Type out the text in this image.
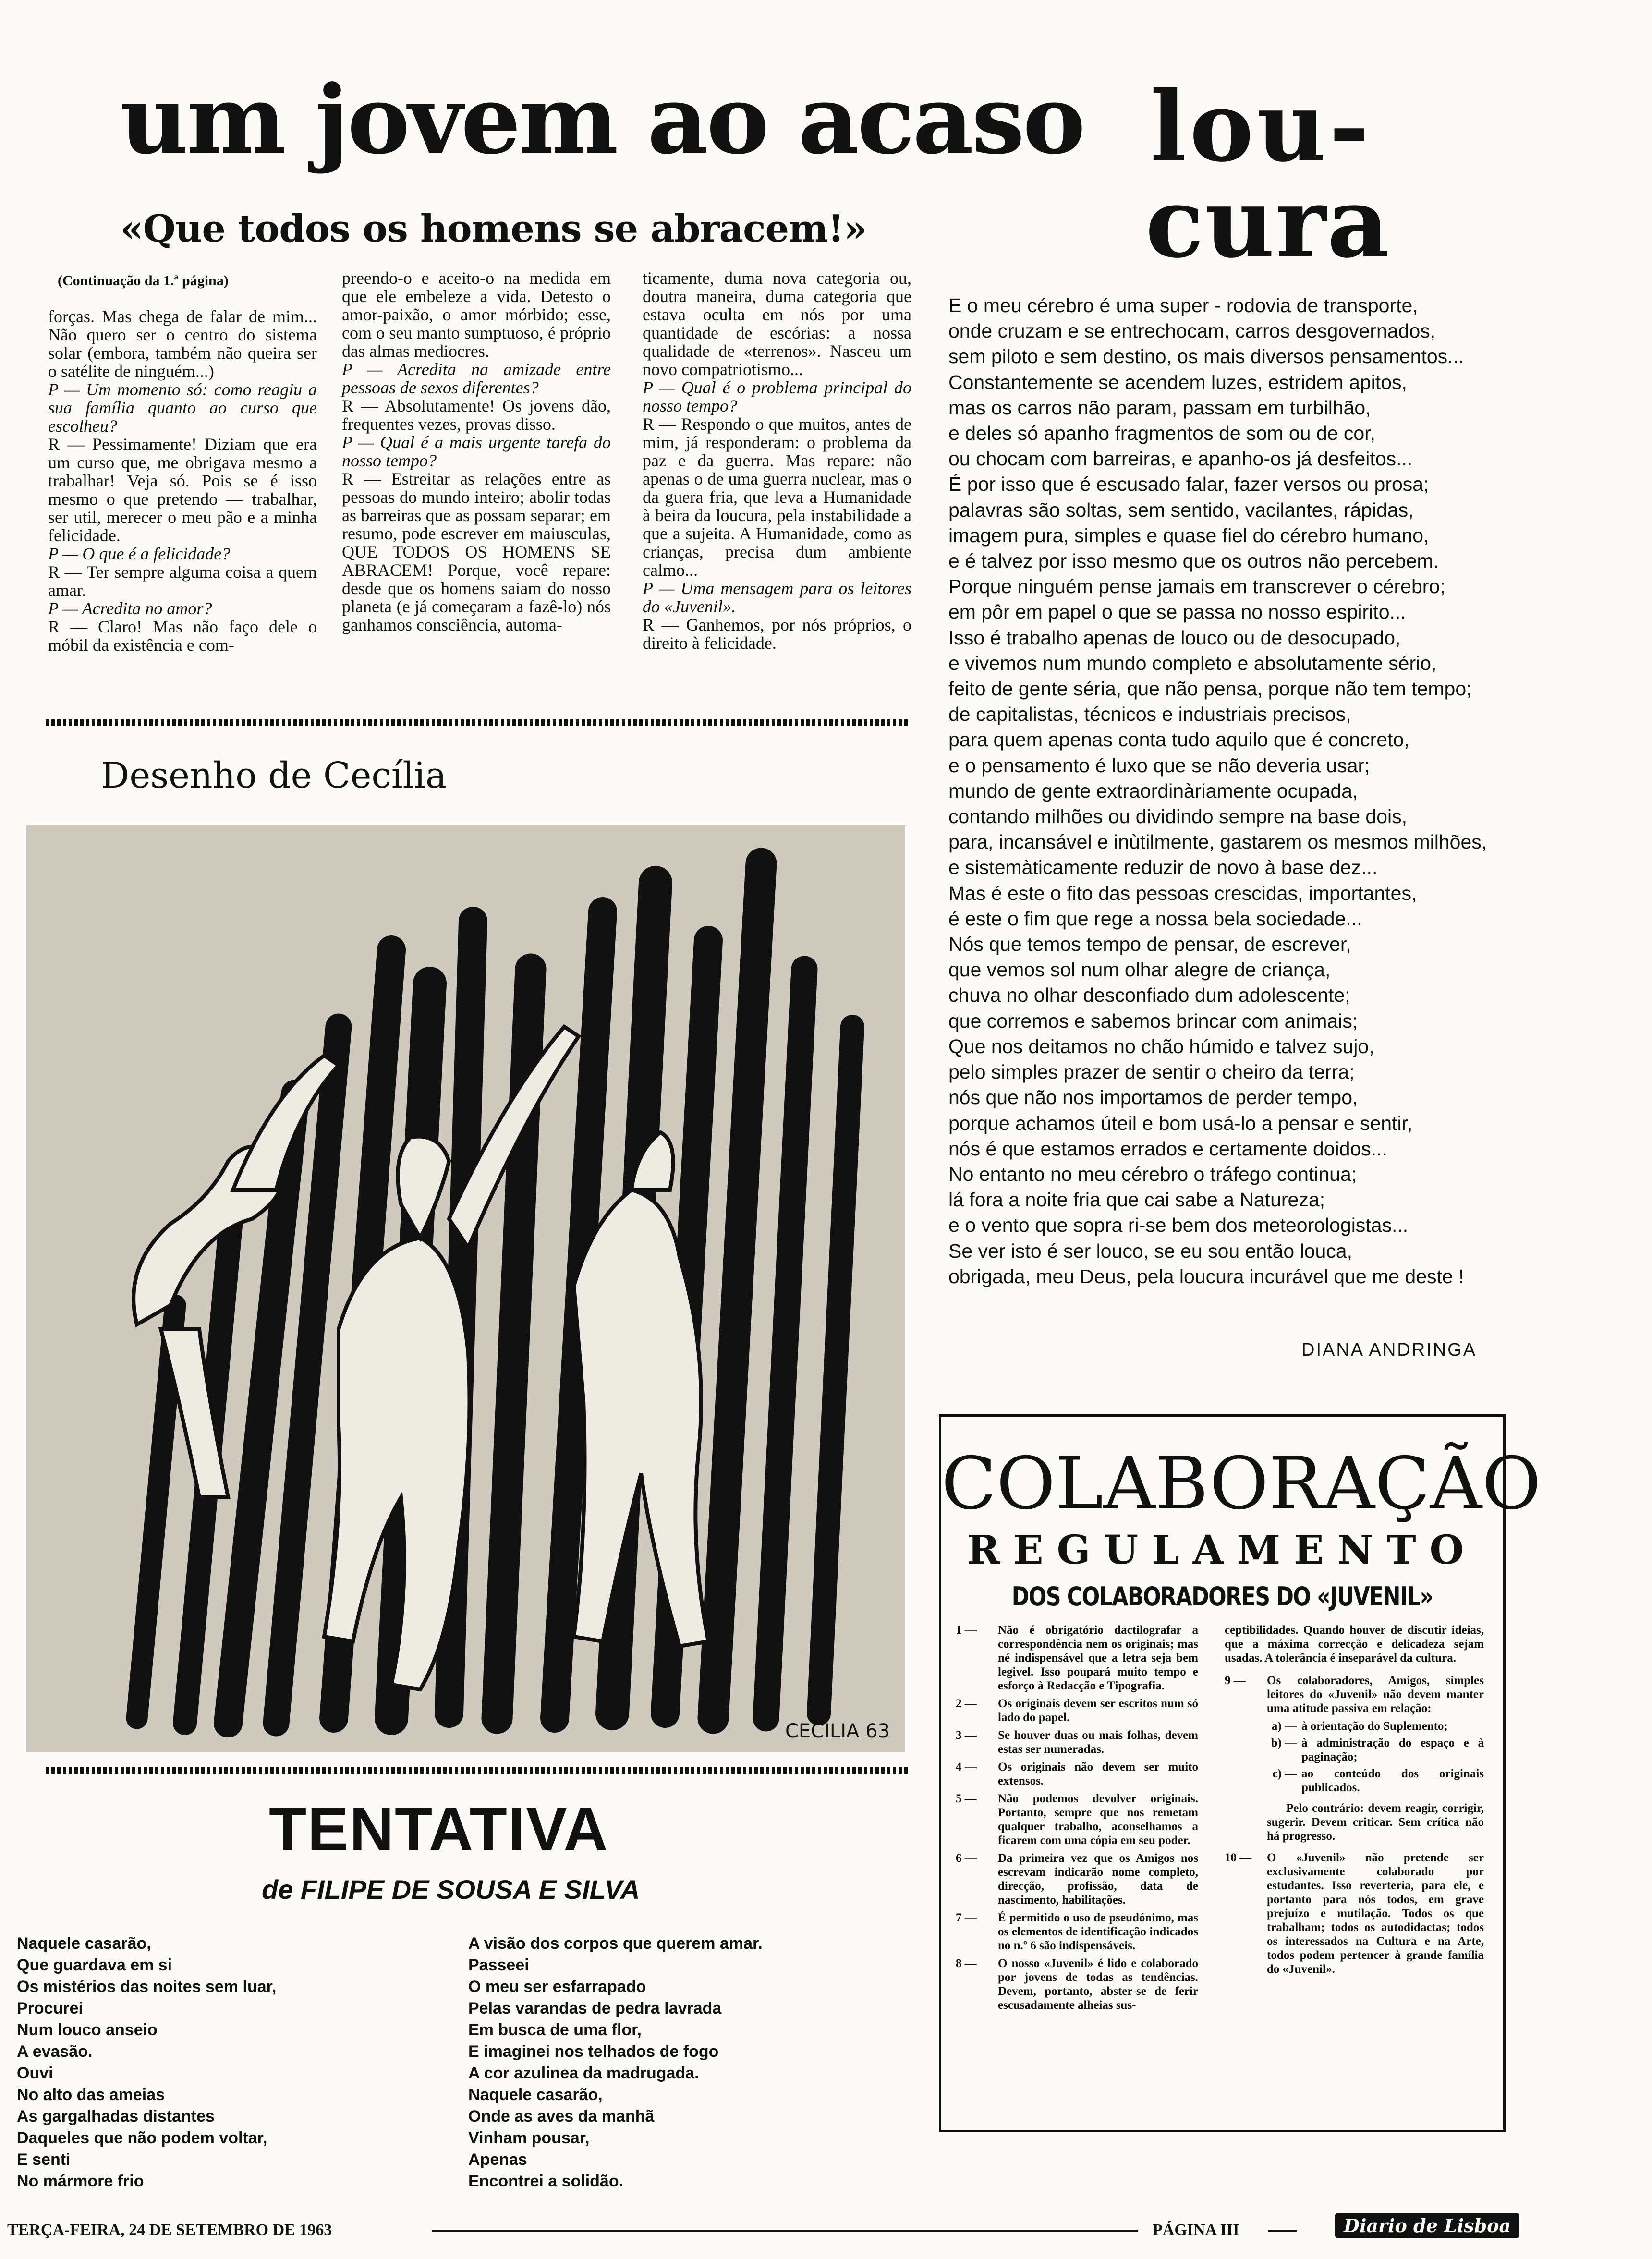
um jovem ao acaso
«Que todos os homens se abracem!»
(Continuação da 1.ª página)

forças. Mas chega de falar de mim... Não quero ser o centro do sistema solar (embora, também não queira ser o satélite de ninguém...)

P — Um momento só: como reagiu a sua família quanto ao curso que escolheu?

R — Pessimamente! Diziam que era um curso que, me obrigava mesmo a trabalhar! Veja só. Pois se é isso mesmo o que pretendo — trabalhar, ser util, merecer o meu pão e a minha felicidade.

P — O que é a felicidade?

R — Ter sempre alguma coisa a quem amar.

P — Acredita no amor?

R — Claro! Mas não faço dele o móbil da existência e com-

preendo-o e aceito-o na medida em que ele embeleze a vida. Detesto o amor-paixão, o amor mórbido; esse, com o seu manto sumptuoso, é próprio das almas mediocres.

P — Acredita na amizade entre pessoas de sexos diferentes?

R — Absolutamente! Os jovens dão, frequentes vezes, provas disso.

P — Qual é a mais urgente tarefa do nosso tempo?

R — Estreitar as relações entre as pessoas do mundo inteiro; abolir todas as barreiras que as possam separar; em resumo, pode escrever em maiusculas, QUE TODOS OS HOMENS SE ABRACEM! Porque, você repare: desde que os homens saiam do nosso planeta (e já começaram a fazê-lo) nós ganhamos consciência, automa-

ticamente, duma nova categoria ou, doutra maneira, duma categoria que estava oculta em nós por uma quantidade de escórias: a nossa qualidade de «terrenos». Nasceu um novo compatriotismo...

P — Qual é o problema principal do nosso tempo?

R — Respondo o que muitos, antes de mim, já responderam: o problema da paz e da guerra. Mas repare: não apenas o de uma guerra nuclear, mas o da guera fria, que leva a Humanidade à beira da loucura, pela instabilidade a que a sujeita. A Humanidade, como as crianças, precisa dum ambiente calmo...

P — Uma mensagem para os leitores do «Juvenil».

R — Ganhemos, por nós próprios, o direito à felicidade.

Desenho de Cecília
CECÍLIA 63
TENTATIVA
de FILIPE DE SOUSA E SILVA
Naquele casarão,
Que guardava em si
Os mistérios das noites sem luar,
Procurei
Num louco anseio
A evasão.
Ouvi
No alto das ameias
As gargalhadas distantes
Daqueles que não podem voltar,
E senti
No mármore frio
A visão dos corpos que querem amar.
Passeei
O meu ser esfarrapado
Pelas varandas de pedra lavrada
Em busca de uma flor,
E imaginei nos telhados de fogo
A cor azulinea da madrugada.
Naquele casarão,
Onde as aves da manhã
Vinham pousar,
Apenas
Encontrei a solidão.
lou-
cura
E o meu cérebro é uma super - rodovia de transporte,
onde cruzam e se entrechocam, carros desgovernados,
sem piloto e sem destino, os mais diversos pensamentos...
Constantemente se acendem luzes, estridem apitos,
mas os carros não param, passam em turbilhão,
e deles só apanho fragmentos de som ou de cor,
ou chocam com barreiras, e apanho-os já desfeitos...
É por isso que é escusado falar, fazer versos ou prosa;
palavras são soltas, sem sentido, vacilantes, rápidas,
imagem pura, simples e quase fiel do cérebro humano,
e é talvez por isso mesmo que os outros não percebem.
Porque ninguém pense jamais em transcrever o cérebro;
em pôr em papel o que se passa no nosso espirito...
Isso é trabalho apenas de louco ou de desocupado,
e vivemos num mundo completo e absolutamente sério,
feito de gente séria, que não pensa, porque não tem tempo;
de capitalistas, técnicos e industriais precisos,
para quem apenas conta tudo aquilo que é concreto,
e o pensamento é luxo que se não deveria usar;
mundo de gente extraordinàriamente ocupada,
contando milhões ou dividindo sempre na base dois,
para, incansável e inùtilmente, gastarem os mesmos milhões,
e sistemàticamente reduzir de novo à base dez...
Mas é este o fito das pessoas crescidas, importantes,
é este o fim que rege a nossa bela sociedade...
Nós que temos tempo de pensar, de escrever,
que vemos sol num olhar alegre de criança,
chuva no olhar desconfiado dum adolescente;
que corremos e sabemos brincar com animais;
Que nos deitamos no chão húmido e talvez sujo,
pelo simples prazer de sentir o cheiro da terra;
nós que não nos importamos de perder tempo,
porque achamos úteil e bom usá-lo a pensar e sentir,
nós é que estamos errados e certamente doidos...
No entanto no meu cérebro o tráfego continua;
lá fora a noite fria que cai sabe a Natureza;
e o vento que sopra ri-se bem dos meteorologistas...
Se ver isto é ser louco, se eu sou então louca,
obrigada, meu Deus, pela loucura incurável que me deste !
DIANA ANDRINGA
COLABORAÇÃO
REGULAMENTO
DOS COLABORADORES DO «JUVENIL»
1 —	Não é obrigatório dactilografar a correspondência nem os originais; mas né indispensável que a letra seja bem legivel. Isso poupará muito tempo e esforço à Redacção e Tipografia.
2 —	Os originais devem ser escritos num só lado do papel.
3 —	Se houver duas ou mais folhas, devem estas ser numeradas.
4 —	Os originais não devem ser muito extensos.
5 —	Não podemos devolver originais. Portanto, sempre que nos remetam qualquer trabalho, aconselhamos a ficarem com uma cópia em seu poder.
6 —	Da primeira vez que os Amigos nos escrevam indicarão nome completo, direcção, profissão, data de nascimento, habilitações.
7 —	É permitido o uso de pseudónimo, mas os elementos de identificação indicados no n.º 6 são indispensáveis.
8 —	O nosso «Juvenil» é lido e colaborado por jovens de todas as tendências. Devem, portanto, abster-se de ferir escusadamente alheias sus-
ceptibilidades. Quando houver de discutir ideias, que a máxima correcção e delicadeza sejam usadas. A tolerância é inseparável da cultura.
9 —	Os colaboradores, Amigos, simples leitores do «Juvenil» não devem manter uma atitude passiva em relação:
a) — à orientação do Suplemento;
b) — à administração do espaço e à paginação;
c) — ao conteúdo dos originais publicados.
Pelo contrário: devem reagir, corrigir, sugerir. Devem criticar. Sem crítica não há progresso.
10 —	O «Juvenil» não pretende ser exclusivamente colaborado por estudantes. Isso reverteria, para ele, e portanto para nós todos, em grave prejuízo e mutilação. Todos os que trabalham; todos os autodidactas; todos os interessados na Cultura e na Arte, todos podem pertencer à grande família do «Juvenil».
TERÇA-FEIRA, 24 DE SETEMBRO DE 1963	PÁGINA III	Diario de Lisboa
